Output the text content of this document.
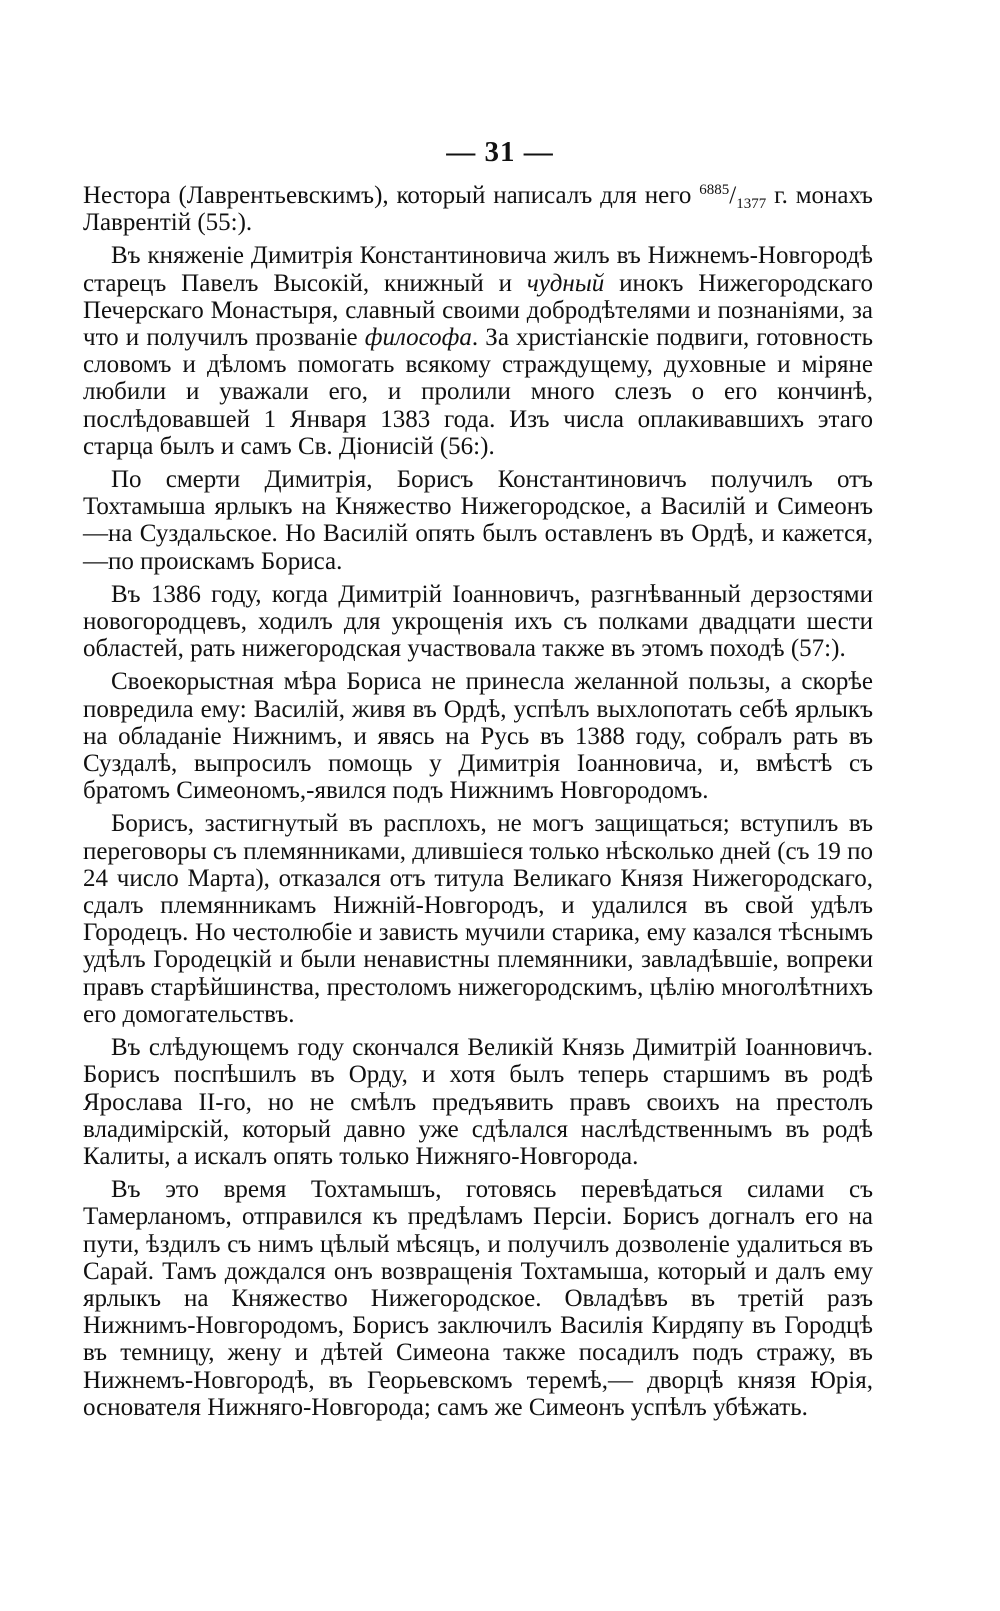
— 31 —

Нестора (Лаврентьевскимъ), который написалъ для него $^{6885}/_{1377}$ г. монахъ Лаврентій (55:).

Въ княженіе Димитрія Константиновича жилъ въ Нижнемъ-Новгородѣ старецъ Павелъ Высокій, книжный и чудный инокъ Нижегородскаго Печерскаго Монастыря, славный своими добродѣтелями и познаніями, за что и получилъ прозваніе философа. За христіанскіе подвиги, готовность словомъ и дѣломъ помогать всякому страждущему, духовные и міряне любили и уважали его, и пролили много слезъ о его кончинѣ, послѣдовавшей 1 Января 1383 года. Изъ числа оплакивавшихъ этаго старца былъ и самъ Св. Діонисій (56:).

По смерти Димитрія, Борисъ Константиновичъ получилъ отъ Тохтамыша ярлыкъ на Княжество Нижегородское, а Василій и Симеонъ—на Суздальское. Но Василій опять былъ оставленъ въ Ордѣ, и кажется,—по проискамъ Бориса.

Въ 1386 году, когда Димитрій Іоанновичъ, разгнѣванный дерзостями новогородцевъ, ходилъ для укрощенія ихъ съ полками двадцати шести областей, рать нижегородская участвовала также въ этомъ походѣ (57:).

Своекорыстная мѣра Бориса не принесла желанной пользы, а скорѣе повредила ему: Василій, живя въ Ордѣ, успѣлъ выхлопотать себѣ ярлыкъ на обладаніе Нижнимъ, и явясь на Русь въ 1388 году, собралъ рать въ Суздалѣ, выпросилъ помощь у Димитрія Іоанновича, и, вмѣстѣ съ братомъ Симеономъ,-явился подъ Нижнимъ Новгородомъ.

Борисъ, застигнутый въ расплохъ, не могъ защищаться; вступилъ въ переговоры съ племянниками, длившіеся только нѣсколько дней (съ 19 по 24 число Марта), отказался отъ титула Великаго Князя Нижегородскаго, сдалъ племянникамъ Нижній-Новгородъ, и удалился въ свой удѣлъ Городецъ. Но честолюбіе и зависть мучили старика, ему казался тѣснымъ удѣлъ Городецкій и были ненавистны племянники, завладѣвшіе, вопреки правъ старѣйшинства, престоломъ нижегородскимъ, цѣлію многолѣтнихъ его домогательствъ.

Въ слѣдующемъ году скончался Великій Князь Димитрій Іоанновичъ. Борисъ поспѣшилъ въ Орду, и хотя былъ теперь старшимъ въ родѣ Ярослава II-го, но не смѣлъ предъявить правъ своихъ на престолъ владимірскій, который давно уже сдѣлался наслѣдственнымъ въ родѣ Калиты, а искалъ опять только Нижняго-Новгорода.

Въ это время Тохтамышъ, готовясь перевѣдаться силами съ Тамерланомъ, отправился къ предѣламъ Персіи. Борисъ догналъ его на пути, ѣздилъ съ нимъ цѣлый мѣсяцъ, и получилъ дозволеніе удалиться въ Сарай. Тамъ дождался онъ возвращенія Тохтамыша, который и далъ ему ярлыкъ на Княжество Нижегородское. Овладѣвъ въ третій разъ Нижнимъ-Новгородомъ, Борисъ заключилъ Василія Кирдяпу въ Городцѣ въ темницу, жену и дѣтей Симеона также посадилъ подъ стражу, въ Нижнемъ-Новгородѣ, въ Георьевскомъ теремѣ,— дворцѣ князя Юрія, основателя Нижняго-Новгорода; самъ же Симеонъ успѣлъ убѣжать.
